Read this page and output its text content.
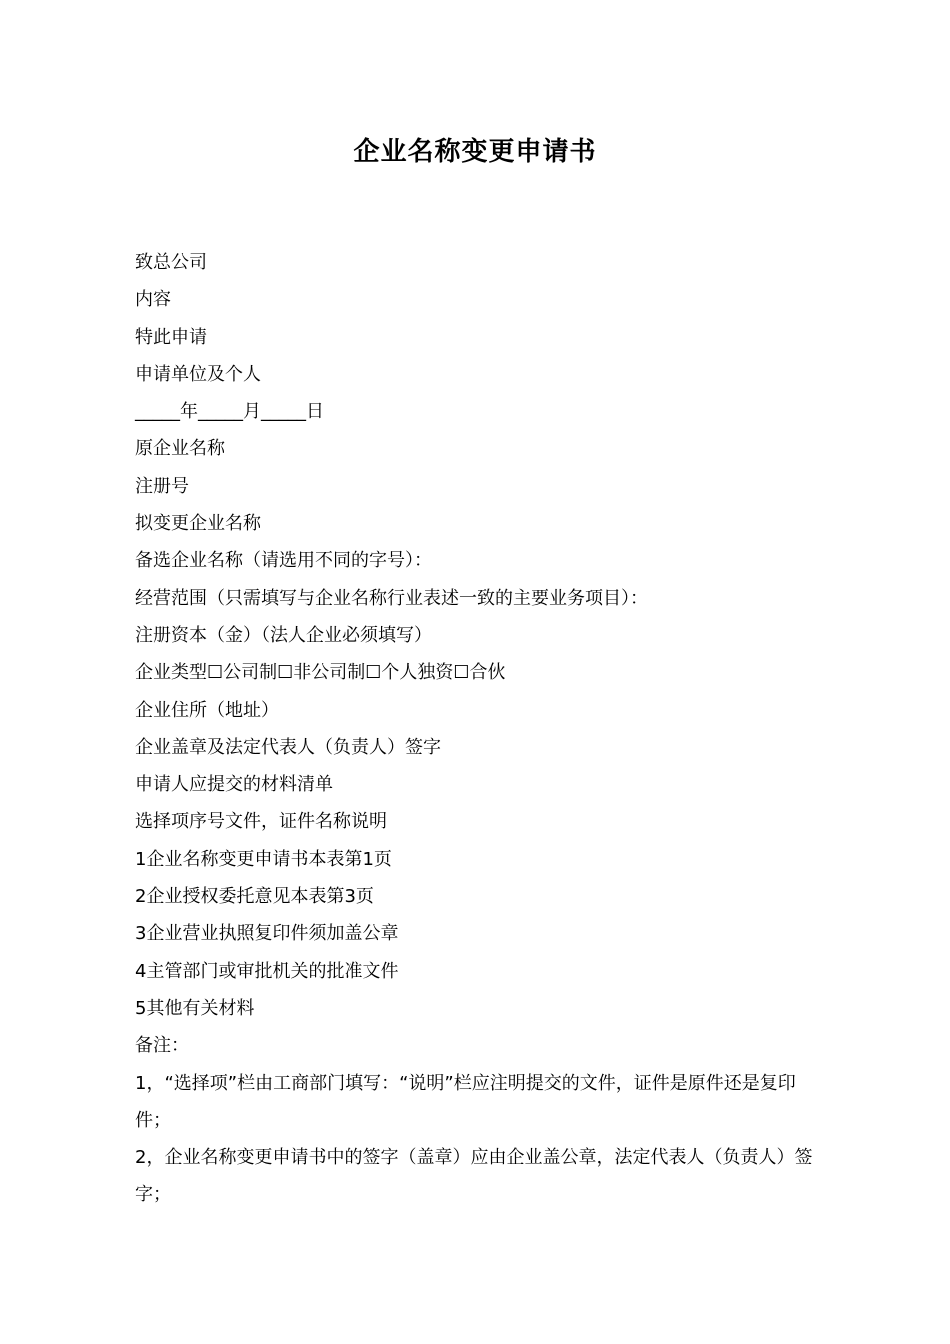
企业名称变更申请书
致总公司
内容
特此申请
申请单位及个人
_____年_____月_____日
原企业名称
注册号
拟变更企业名称
备选企业名称（请选用不同的字号）：
经营范围（只需填写与企业名称行业表述一致的主要业务项目）：
注册资本（金）（法人企业必须填写）
企业类型☐公司制☐非公司制☐个人独资☐合伙
企业住所（地址）
企业盖章及法定代表人（负责人）签字
申请人应提交的材料清单
选择项序号文件，证件名称说明
1企业名称变更申请书本表第1页
2企业授权委托意见本表第3页
3企业营业执照复印件须加盖公章
4主管部门或审批机关的批准文件
5其他有关材料
备注：
1，“选择项”栏由工商部门填写：“说明”栏应注明提交的文件，证件是原件还是复印件；
2，企业名称变更申请书中的签字（盖章）应由企业盖公章，法定代表人（负责人）签字；
